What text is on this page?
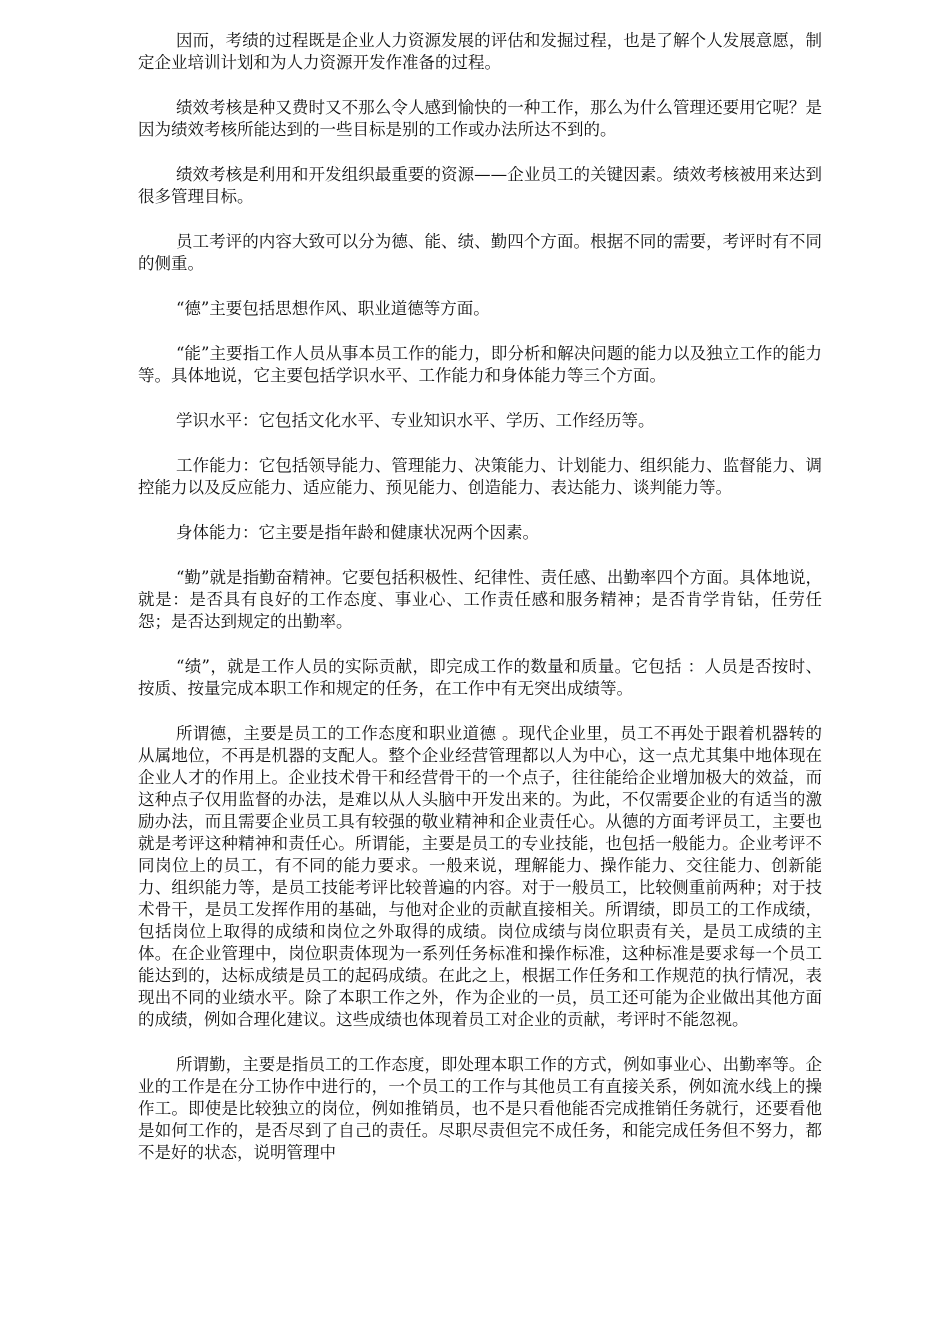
因而，考绩的过程既是企业人力资源发展的评估和发掘过程，也是了解个人发展意愿，制定企业培训计划和为人力资源开发作准备的过程。

绩效考核是种又费时又不那么令人感到愉快的一种工作，那么为什么管理还要用它呢？是因为绩效考核所能达到的一些目标是别的工作或办法所达不到的。

绩效考核是利用和开发组织最重要的资源——企业员工的关键因素。绩效考核被用来达到很多管理目标。

员工考评的内容大致可以分为德、能、绩、勤四个方面。根据不同的需要，考评时有不同的侧重。

“德”主要包括思想作风、职业道德等方面。

“能”主要指工作人员从事本员工作的能力，即分析和解决问题的能力以及独立工作的能力等。具体地说，它主要包括学识水平、工作能力和身体能力等三个方面。

学识水平：它包括文化水平、专业知识水平、学历、工作经历等。

工作能力：它包括领导能力、管理能力、决策能力、计划能力、组织能力、监督能力、调控能力以及反应能力、适应能力、预见能力、创造能力、表达能力、谈判能力等。

身体能力：它主要是指年龄和健康状况两个因素。

“勤”就是指勤奋精神。它要包括积极性、纪律性、责任感、出勤率四个方面。具体地说，就是：是否具有良好的工作态度、事业心、工作责任感和服务精神；是否肯学肯钻，任劳任怨；是否达到规定的出勤率。

“绩”，就是工作人员的实际贡献，即完成工作的数量和质量。它包括 ：人员是否按时、按质、按量完成本职工作和规定的任务，在工作中有无突出成绩等。

所谓德，主要是员工的工作态度和职业道德 。现代企业里，员工不再处于跟着机器转的从属地位，不再是机器的支配人。整个企业经营管理都以人为中心，这一点尤其集中地体现在企业人才的作用上。企业技术骨干和经营骨干的一个点子，往往能给企业增加极大的效益，而这种点子仅用监督的办法，是难以从人头脑中开发出来的。为此，不仅需要企业的有适当的激励办法，而且需要企业员工具有较强的敬业精神和企业责任心。从德的方面考评员工，主要也就是考评这种精神和责任心。所谓能，主要是员工的专业技能，也包括一般能力。企业考评不同岗位上的员工，有不同的能力要求。一般来说，理解能力、操作能力、交往能力、创新能力、组织能力等，是员工技能考评比较普遍的内容。对于一般员工，比较侧重前两种；对于技术骨干，是员工发挥作用的基础，与他对企业的贡献直接相关。所谓绩，即员工的工作成绩，包括岗位上取得的成绩和岗位之外取得的成绩。岗位成绩与岗位职责有关，是员工成绩的主体。在企业管理中，岗位职责体现为一系列任务标准和操作标准，这种标准是要求每一个员工能达到的，达标成绩是员工的起码成绩。在此之上，根据工作任务和工作规范的执行情况，表现出不同的业绩水平。除了本职工作之外，作为企业的一员，员工还可能为企业做出其他方面的成绩，例如合理化建议。这些成绩也体现着员工对企业的贡献，考评时不能忽视。

所谓勤，主要是指员工的工作态度，即处理本职工作的方式，例如事业心、出勤率等。企业的工作是在分工协作中进行的，一个员工的工作与其他员工有直接关系，例如流水线上的操作工。即使是比较独立的岗位，例如推销员，也不是只看他能否完成推销任务就行，还要看他是如何工作的，是否尽到了自己的责任。尽职尽责但完不成任务，和能完成任务但不努力，都不是好的状态，说明管理中
